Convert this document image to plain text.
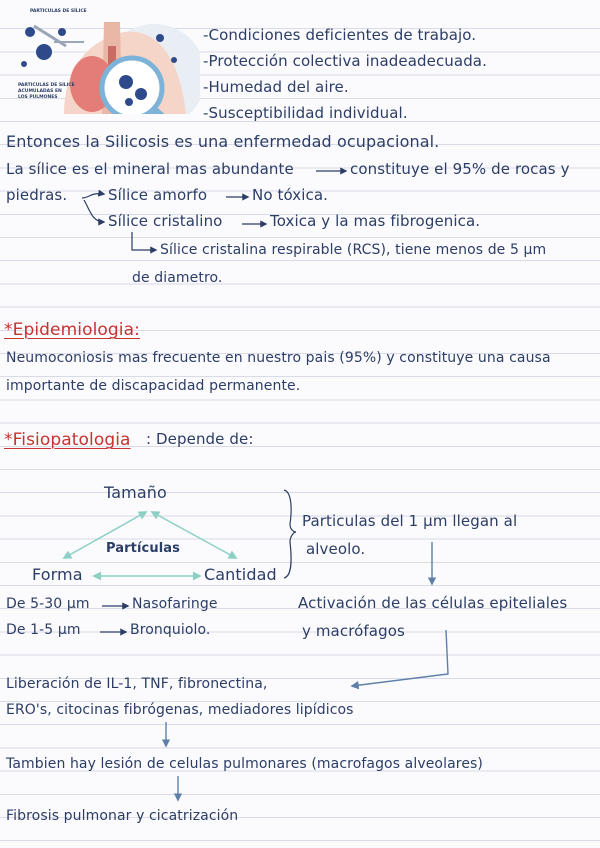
PARTICULAS DE SÍLICE
PARTICULAS DE SILICE
ACUMULADAS EN
LOS PULMONES
-Condiciones deficientes de trabajo.
-Protección colectiva inadeadecuada.
-Humedad del aire.
-Susceptibilidad individual.
Entonces la Silicosis es una enfermedad ocupacional.
La sílice es el mineral mas abundante	constituye el 95% de rocas y
piedras.	Sílice amorfo	No tóxica.
Sílice cristalino	Toxica y la mas fibrogenica.
Sílice cristalina respirable (RCS), tiene menos de 5 µm
de diametro.
*Epidemiologia:
Neumoconiosis mas frecuente en nuestro pais (95%) y constituye una causa
importante de discapacidad permanente.
*Fisiopatologia : Depende de:
Tamaño
Partículas
Forma	Cantidad
Particulas del 1 µm llegan al
alveolo.
De 5-30 µm	Nasofaringe
De 1-5 µm	Bronquiolo.
Activación de las células epiteliales
y macrófagos
Liberación de IL-1, TNF, fibronectina,
ERO's, citocinas fibrógenas, mediadores lipídicos
Tambien hay lesión de celulas pulmonares (macrofagos alveolares)
Fibrosis pulmonar y cicatrización
